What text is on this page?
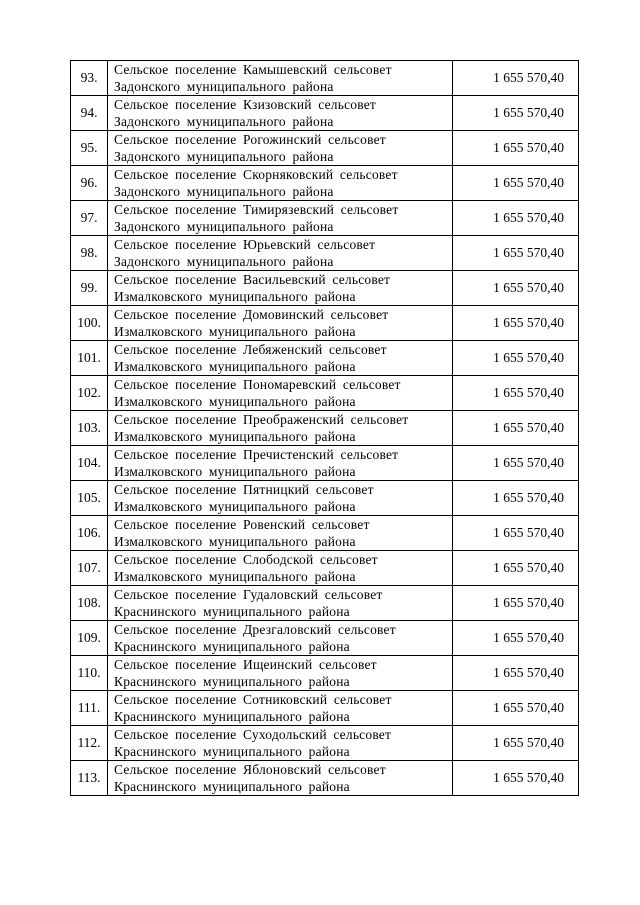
93.	Сельское поселение Камышевский сельсовет
Задонского муниципального района	1 655 570,40
94.	Сельское поселение Кзизовский сельсовет
Задонского муниципального района	1 655 570,40
95.	Сельское поселение Рогожинский сельсовет
Задонского муниципального района	1 655 570,40
96.	Сельское поселение Скорняковский сельсовет
Задонского муниципального района	1 655 570,40
97.	Сельское поселение Тимирязевский сельсовет
Задонского муниципального района	1 655 570,40
98.	Сельское поселение Юрьевский сельсовет
Задонского муниципального района	1 655 570,40
99.	Сельское поселение Васильевский сельсовет
Измалковского муниципального района	1 655 570,40
100.	Сельское поселение Домовинский сельсовет
Измалковского муниципального района	1 655 570,40
101.	Сельское поселение Лебяженский сельсовет
Измалковского муниципального района	1 655 570,40
102.	Сельское поселение Пономаревский сельсовет
Измалковского муниципального района	1 655 570,40
103.	Сельское поселение Преображенский сельсовет
Измалковского муниципального района	1 655 570,40
104.	Сельское поселение Пречистенский сельсовет
Измалковского муниципального района	1 655 570,40
105.	Сельское поселение Пятницкий сельсовет
Измалковского муниципального района	1 655 570,40
106.	Сельское поселение Ровенский сельсовет
Измалковского муниципального района	1 655 570,40
107.	Сельское поселение Слободской сельсовет
Измалковского муниципального района	1 655 570,40
108.	Сельское поселение Гудаловский сельсовет
Краснинского муниципального района	1 655 570,40
109.	Сельское поселение Дрезгаловский сельсовет
Краснинского муниципального района	1 655 570,40
110.	Сельское поселение Ищеинский сельсовет
Краснинского муниципального района	1 655 570,40
111.	Сельское поселение Сотниковский сельсовет
Краснинского муниципального района	1 655 570,40
112.	Сельское поселение Суходольский сельсовет
Краснинского муниципального района	1 655 570,40
113.	Сельское поселение Яблоновский сельсовет
Краснинского муниципального района	1 655 570,40
